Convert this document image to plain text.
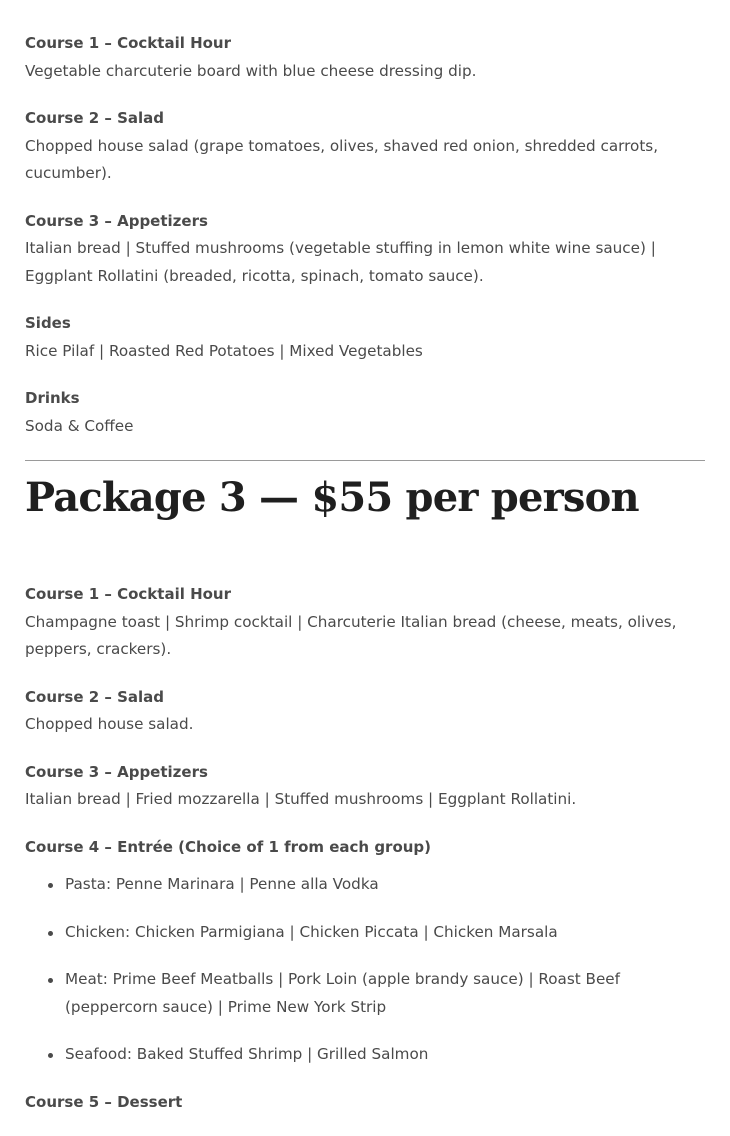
Course 1 – Cocktail Hour

Vegetable charcuterie board with blue cheese dressing dip.

Course 2 – Salad

Chopped house salad (grape tomatoes, olives, shaved red onion, shredded carrots, cucumber).

Course 3 – Appetizers

Italian bread | Stuffed mushrooms (vegetable stuffing in lemon white wine sauce) | Eggplant Rollatini (breaded, ricotta, spinach, tomato sauce).

Sides

Rice Pilaf | Roasted Red Potatoes | Mixed Vegetables

Drinks

Soda & Coffee

Package 3 — $55 per person

Course 1 – Cocktail Hour

Champagne toast | Shrimp cocktail | Charcuterie Italian bread (cheese, meats, olives, peppers, crackers).

Course 2 – Salad

Chopped house salad.

Course 3 – Appetizers

Italian bread | Fried mozzarella | Stuffed mushrooms | Eggplant Rollatini.

Course 4 – Entrée (Choice of 1 from each group)

Pasta: Penne Marinara | Penne alla Vodka
Chicken: Chicken Parmigiana | Chicken Piccata | Chicken Marsala
Meat: Prime Beef Meatballs | Pork Loin (apple brandy sauce) | Roast Beef (peppercorn sauce) | Prime New York Strip
Seafood: Baked Stuffed Shrimp | Grilled Salmon

Course 5 – Dessert
